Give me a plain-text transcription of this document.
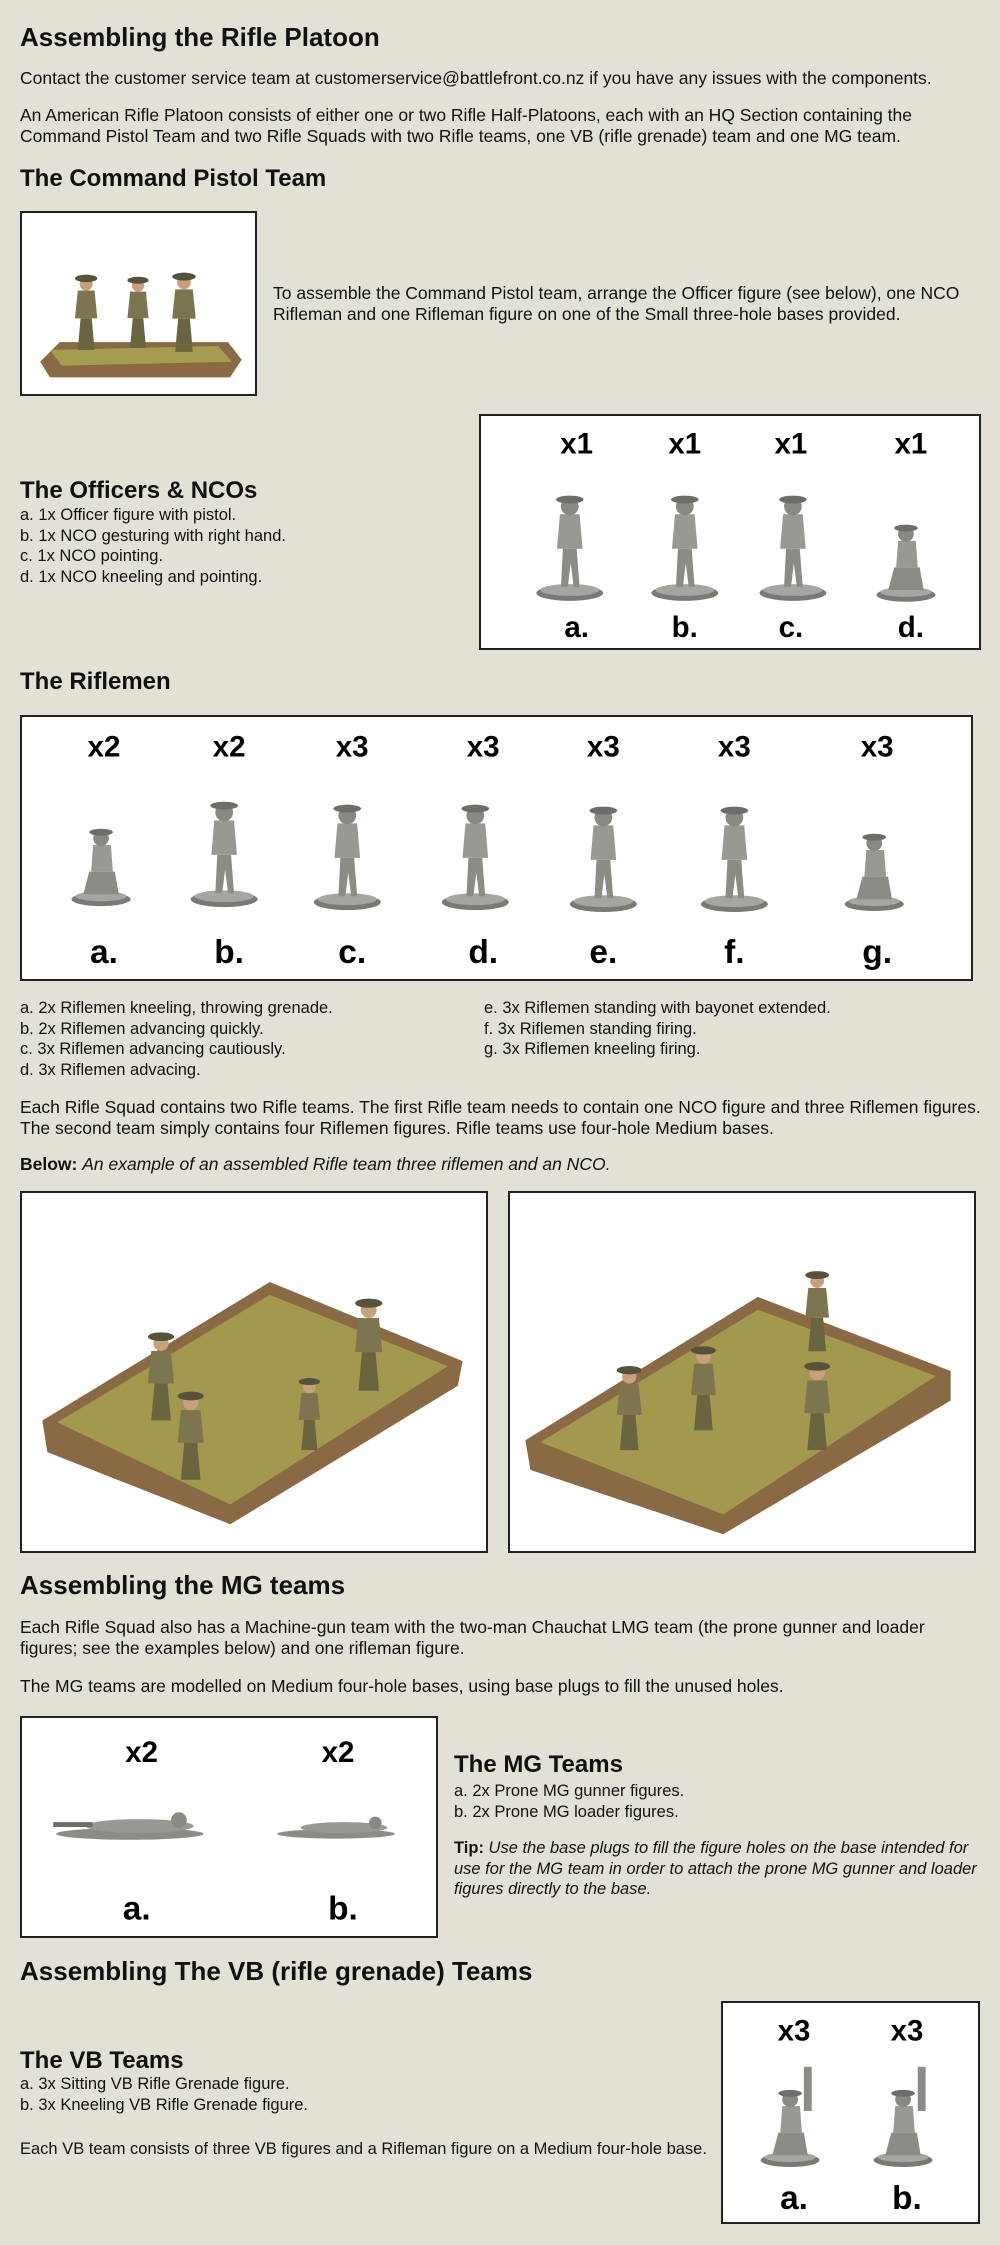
Assembling the Rifle Platoon

Contact the customer service team at customerservice@battlefront.co.nz if you have any issues with the components.

An American Rifle Platoon consists of either one or two Rifle Half-Platoons, each with an HQ Section containing the Command Pistol Team and two Rifle Squads with two Rifle teams, one VB (rifle grenade) team and one MG team.

The Command Pistol Team

To assemble the Command Pistol team, arrange the Officer figure (see below), one NCO Rifleman and one Rifleman figure on one of the Small three-hole bases provided.

The Officers & NCOs
a. 1x Officer figure with pistol.
b. 1x NCO gesturing with right hand.
c. 1x NCO pointing.
d. 1x NCO kneeling and pointing.
x1	x1 x1	x1
a.	b.	c.	d.
The Riflemen
x2	x2	x3	x3	x3	x3	x3
a.	b.	c.	d.	e.	f.	g.
a. 2x Riflemen kneeling, throwing grenade.
b. 2x Riflemen advancing quickly.
c. 3x Riflemen advancing cautiously.
d. 3x Riflemen advacing.
e. 3x Riflemen standing with bayonet extended.
f. 3x Riflemen standing firing.
g. 3x Riflemen kneeling firing.

Each Rifle Squad contains two Rifle teams. The first Rifle team needs to contain one NCO figure and three Riflemen figures. The second team simply contains four Riflemen figures. Rifle teams use four-hole Medium bases.

Below: An example of an assembled Rifle team three riflemen and an NCO.

Assembling the MG teams

Each Rifle Squad also has a Machine-gun team with the two-man Chauchat LMG team (the prone gunner and loader figures; see the examples below) and one rifleman figure.

The MG teams are modelled on Medium four-hole bases, using base plugs to fill the unused holes.

x2	x2
a.	b.
The MG Teams
a. 2x Prone MG gunner figures.
b. 2x Prone MG loader figures.

Tip: Use the base plugs to fill the figure holes on the base intended for use for the MG team in order to attach the prone MG gunner and loader figures directly to the base.

Assembling The VB (rifle grenade) Teams
The VB Teams
a. 3x Sitting VB Rifle Grenade figure.
b. 3x Kneeling VB Rifle Grenade figure.

Each VB team consists of three VB figures and a Rifleman figure on a Medium four-hole base.

x3	x3
a. b.
